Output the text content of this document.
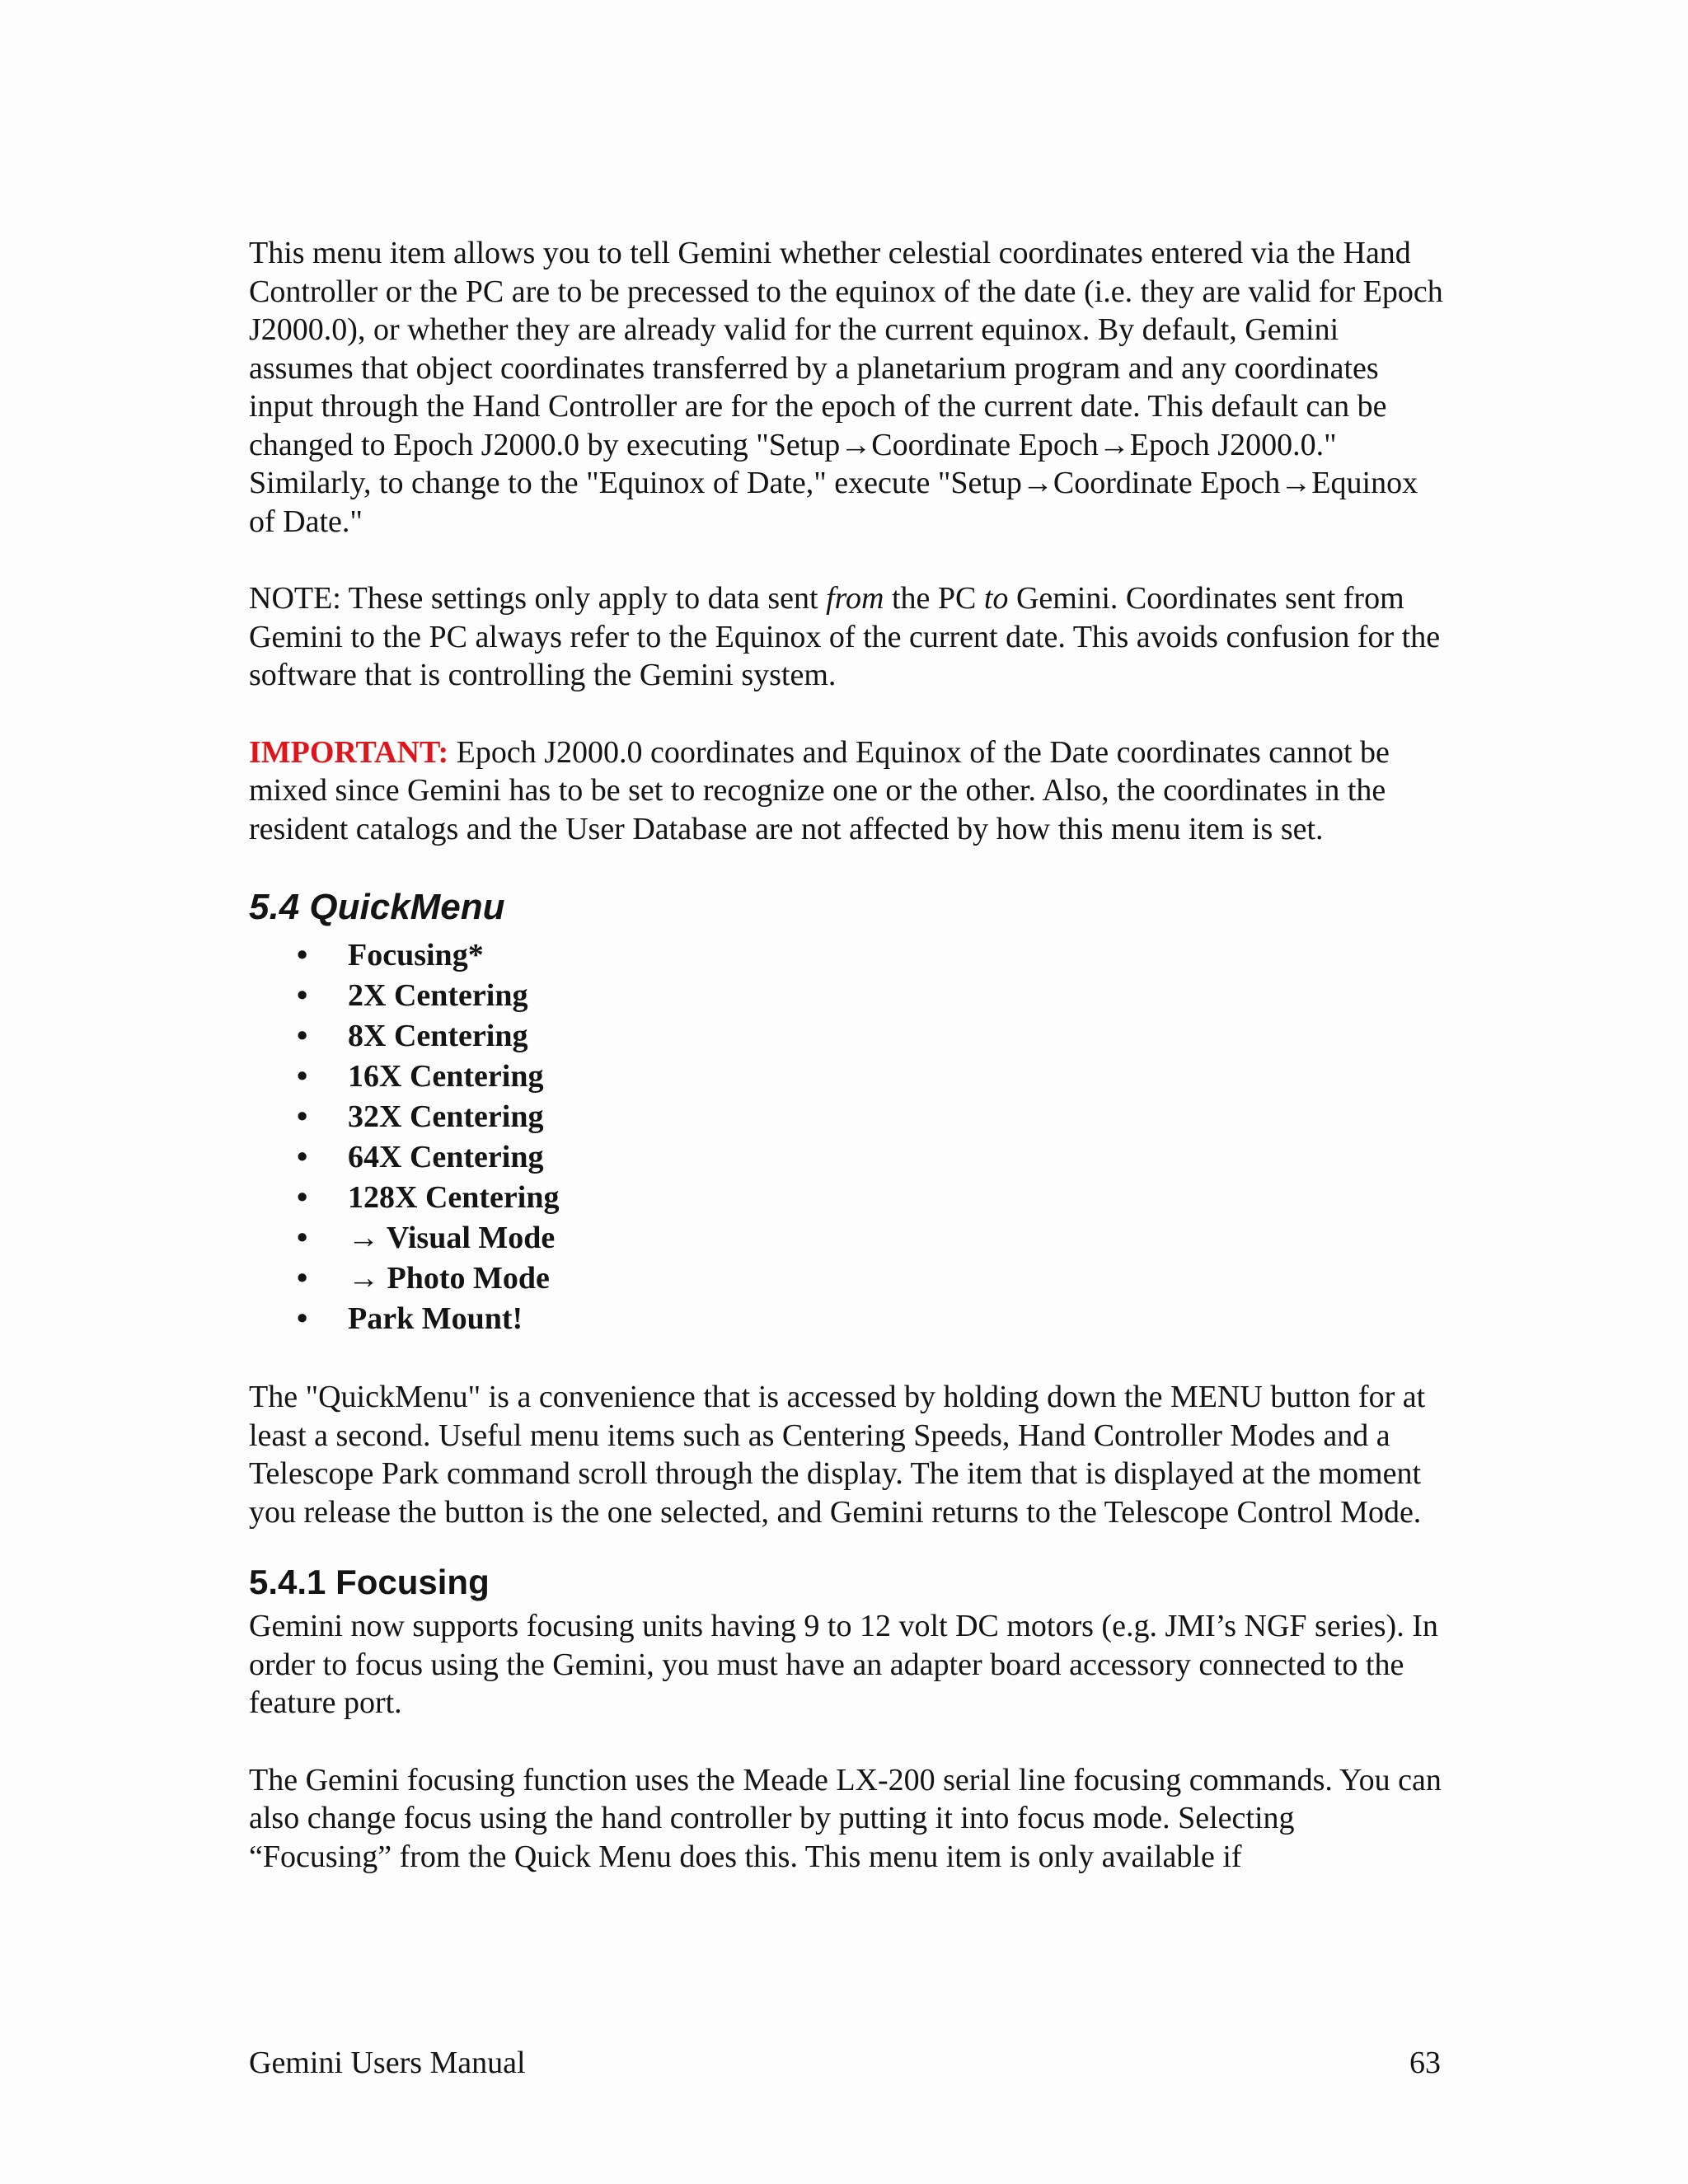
This menu item allows you to tell Gemini whether celestial coordinates entered via the Hand Controller or the PC are to be precessed to the equinox of the date (i.e. they are valid for Epoch J2000.0), or whether they are already valid for the current equinox. By default, Gemini assumes that object coordinates transferred by a planetarium program and any coordinates input through the Hand Controller are for the epoch of the current date. This default can be changed to Epoch J2000.0 by executing "Setup→Coordinate Epoch→Epoch J2000.0." Similarly, to change to the "Equinox of Date," execute "Setup→Coordinate Epoch→Equinox of Date."

NOTE: These settings only apply to data sent from the PC to Gemini. Coordinates sent from Gemini to the PC always refer to the Equinox of the current date. This avoids confusion for the software that is controlling the Gemini system.

IMPORTANT: Epoch J2000.0 coordinates and Equinox of the Date coordinates cannot be mixed since Gemini has to be set to recognize one or the other. Also, the coordinates in the resident catalogs and the User Database are not affected by how this menu item is set.

5.4 QuickMenu
• Focusing*
• 2X Centering
• 8X Centering
• 16X Centering
• 32X Centering
• 64X Centering
• 128X Centering
• → Visual Mode
• → Photo Mode
• Park Mount!

The "QuickMenu" is a convenience that is accessed by holding down the MENU button for at least a second. Useful menu items such as Centering Speeds, Hand Controller Modes and a Telescope Park command scroll through the display. The item that is displayed at the moment you release the button is the one selected, and Gemini returns to the Telescope Control Mode.

5.4.1 Focusing

Gemini now supports focusing units having 9 to 12 volt DC motors (e.g. JMI’s NGF series). In order to focus using the Gemini, you must have an adapter board accessory connected to the feature port.

The Gemini focusing function uses the Meade LX-200 serial line focusing commands. You can also change focus using the hand controller by putting it into focus mode. Selecting “Focusing” from the Quick Menu does this. This menu item is only available if

Gemini Users Manual	63
